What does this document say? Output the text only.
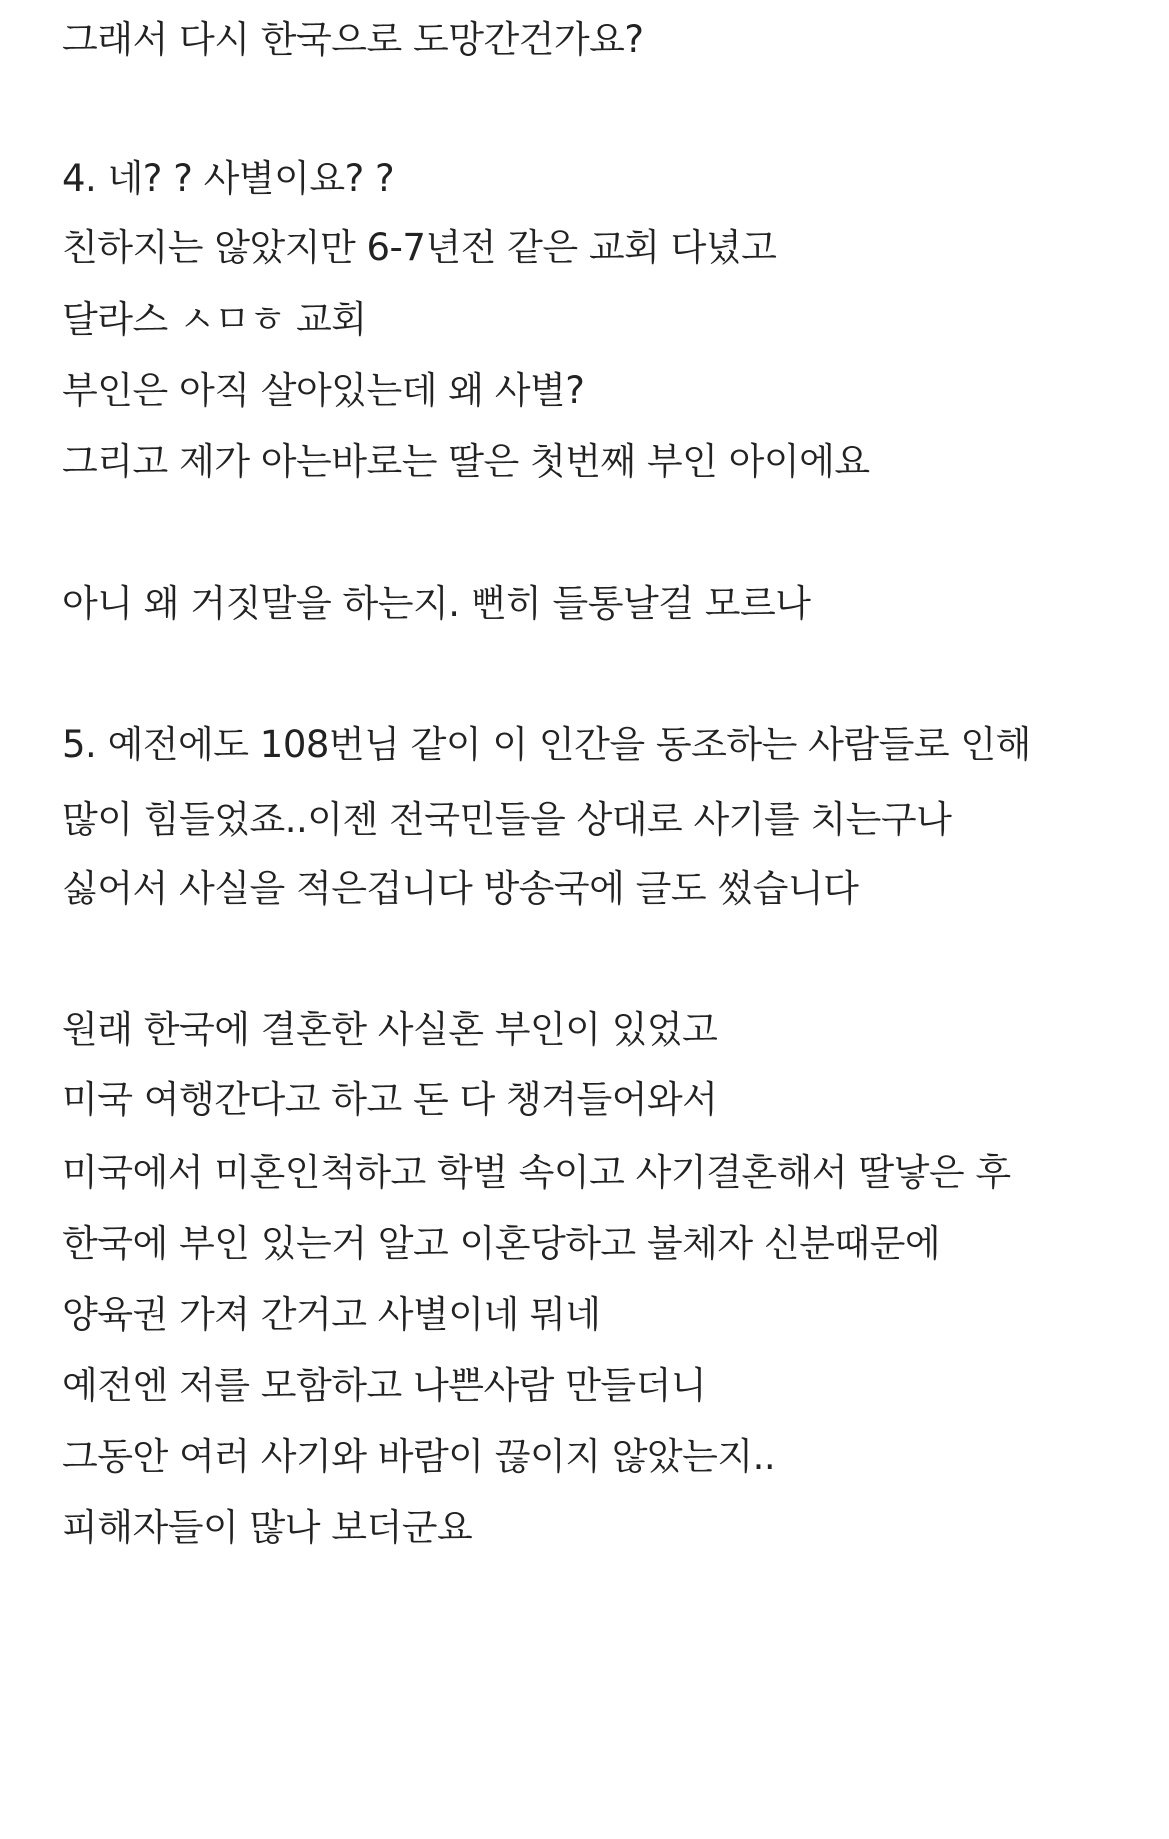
그래서 다시 한국으로 도망간건가요?
4. 네? ? 사별이요? ?
친하지는 않았지만 6-7년전 같은 교회 다녔고
달라스 ㅅㅁㅎ 교회
부인은 아직 살아있는데 왜 사별?
그리고 제가 아는바로는 딸은 첫번째 부인 아이에요
아니 왜 거짓말을 하는지. 뻔히 들통날걸 모르나
5. 예전에도 108번님 같이 이 인간을 동조하는 사람들로 인해
많이 힘들었죠..이젠 전국민들을 상대로 사기를 치는구나
싫어서 사실을 적은겁니다 방송국에 글도 썼습니다
원래 한국에 결혼한 사실혼 부인이 있었고
미국 여행간다고 하고 돈 다 챙겨들어와서
미국에서 미혼인척하고 학벌 속이고 사기결혼해서 딸낳은 후
한국에 부인 있는거 알고 이혼당하고 불체자 신분때문에
양육권 가져 간거고 사별이네 뭐네
예전엔 저를 모함하고 나쁜사람 만들더니
그동안 여러 사기와 바람이 끊이지 않았는지..
피해자들이 많나 보더군요
